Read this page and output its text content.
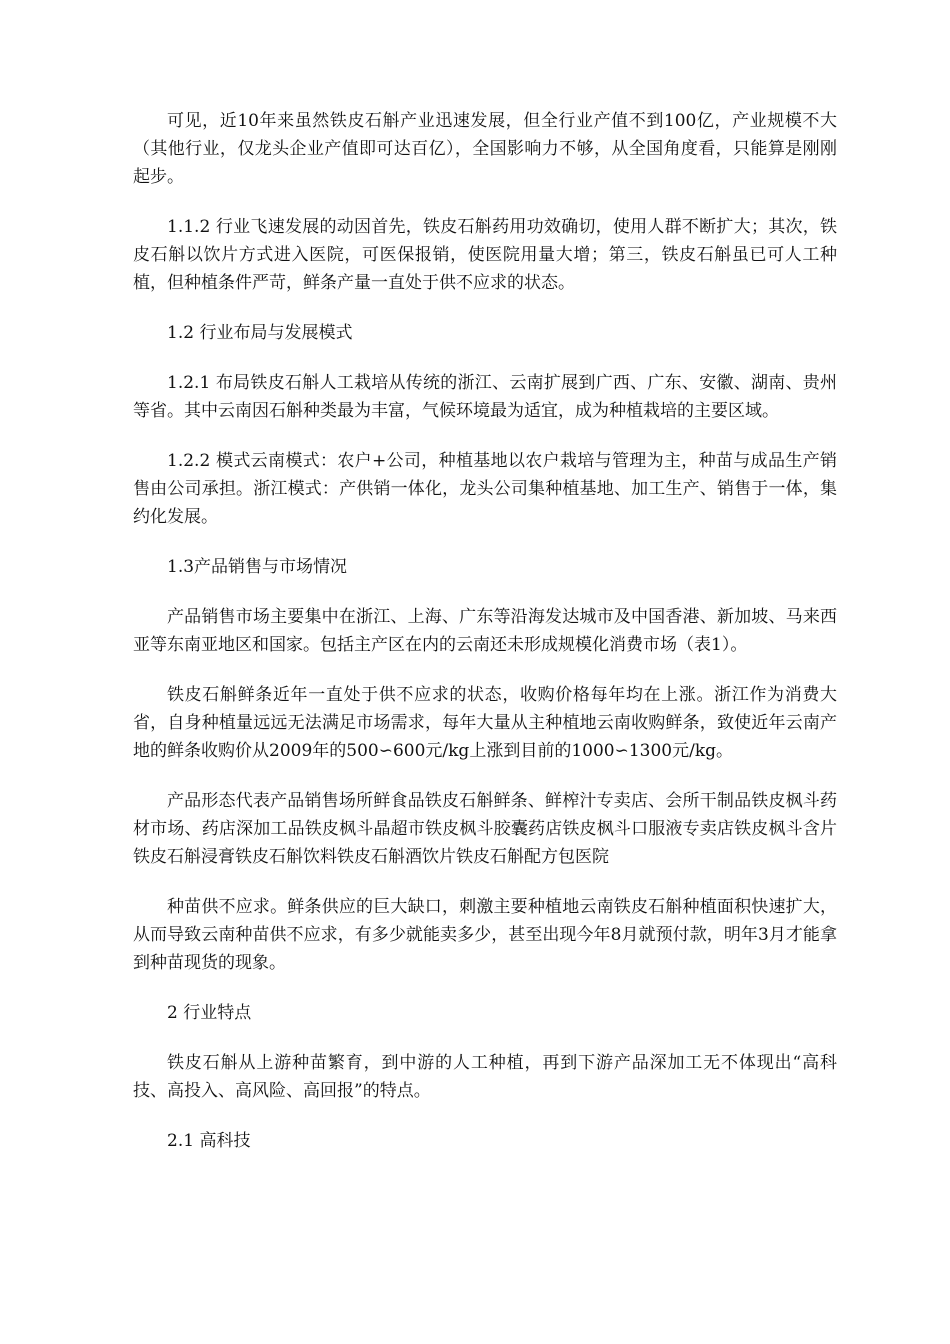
可见，近10年来虽然铁皮石斛产业迅速发展，但全行业产值不到100亿，产业规模不大（其他行业，仅龙头企业产值即可达百亿），全国影响力不够，从全国角度看，只能算是刚刚起步。

1.1.2 行业飞速发展的动因首先，铁皮石斛药用功效确切，使用人群不断扩大；其次，铁皮石斛以饮片方式进入医院，可医保报销，使医院用量大增；第三，铁皮石斛虽已可人工种植，但种植条件严苛，鲜条产量一直处于供不应求的状态。

1.2 行业布局与发展模式

1.2.1 布局铁皮石斛人工栽培从传统的浙江、云南扩展到广西、广东、安徽、湖南、贵州等省。其中云南因石斛种类最为丰富，气候环境最为适宜，成为种植栽培的主要区域。

1.2.2 模式云南模式：农户+公司，种植基地以农户栽培与管理为主，种苗与成品生产销售由公司承担。浙江模式：产供销一体化，龙头公司集种植基地、加工生产、销售于一体，集约化发展。

1.3产品销售与市场情况

产品销售市场主要集中在浙江、上海、广东等沿海发达城市及中国香港、新加坡、马来西亚等东南亚地区和国家。包括主产区在内的云南还未形成规模化消费市场（表1）。

铁皮石斛鲜条近年一直处于供不应求的状态，收购价格每年均在上涨。浙江作为消费大省，自身种植量远远无法满足市场需求，每年大量从主种植地云南收购鲜条，致使近年云南产地的鲜条收购价从2009年的500∽600元/kg上涨到目前的1000∽1300元/kg。

产品形态代表产品销售场所鲜食品铁皮石斛鲜条、鲜榨汁专卖店、会所干制品铁皮枫斗药材市场、药店深加工品铁皮枫斗晶超市铁皮枫斗胶囊药店铁皮枫斗口服液专卖店铁皮枫斗含片铁皮石斛浸膏铁皮石斛饮料铁皮石斛酒饮片铁皮石斛配方包医院

种苗供不应求。鲜条供应的巨大缺口，刺激主要种植地云南铁皮石斛种植面积快速扩大，从而导致云南种苗供不应求，有多少就能卖多少，甚至出现今年8月就预付款，明年3月才能拿到种苗现货的现象。

2 行业特点

铁皮石斛从上游种苗繁育，到中游的人工种植，再到下游产品深加工无不体现出“高科技、高投入、高风险、高回报”的特点。

2.1 高科技
